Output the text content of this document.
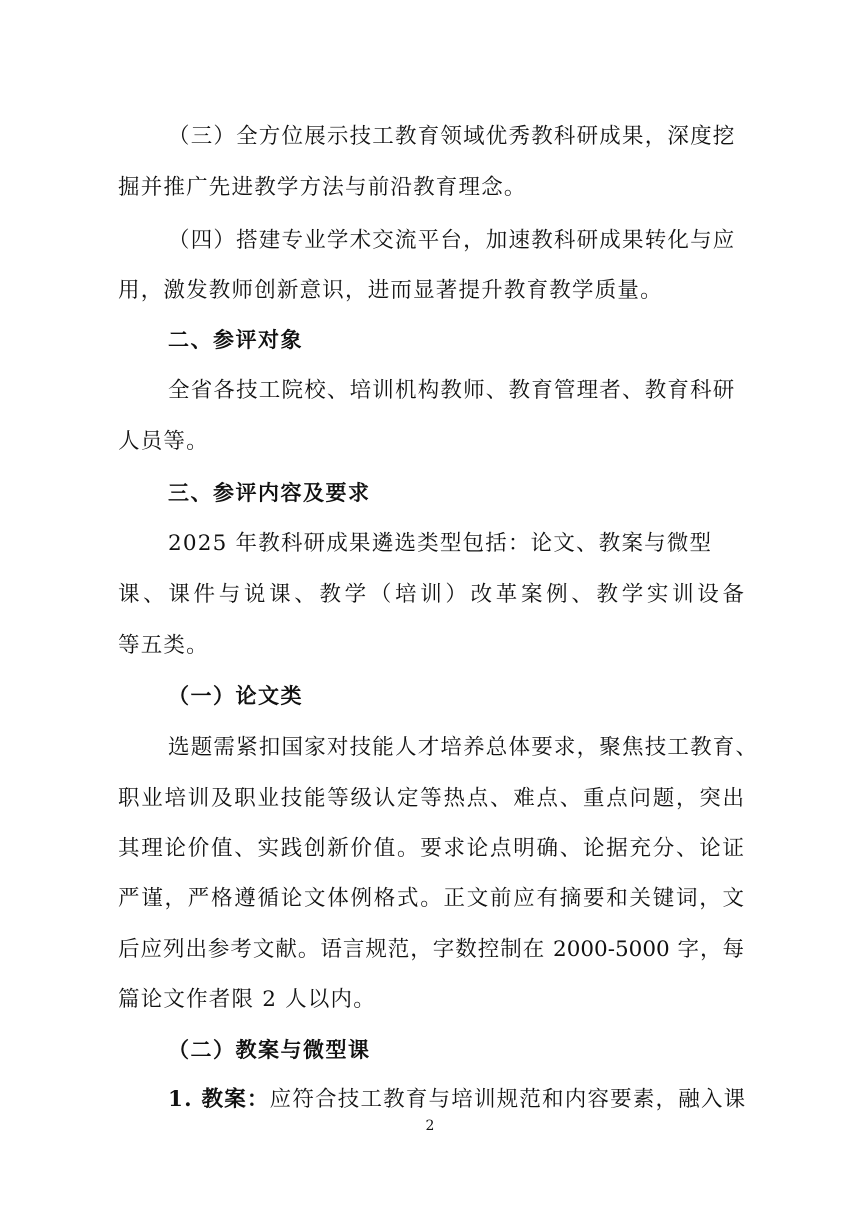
（三）全方位展示技工教育领域优秀教科研成果，深度挖
掘并推广先进教学方法与前沿教育理念。
（四）搭建专业学术交流平台，加速教科研成果转化与应
用，激发教师创新意识，进而显著提升教育教学质量。
二、参评对象
全省各技工院校、培训机构教师、教育管理者、教育科研
人员等。
三、参评内容及要求
2025 年教科研成果遴选类型包括：论文、教案与微型
课、课件与说课、教学（培训）改革案例、教学实训设备
等五类。
（一）论文类
选题需紧扣国家对技能人才培养总体要求，聚焦技工教育、
职业培训及职业技能等级认定等热点、难点、重点问题，突出
其理论价值、实践创新价值。要求论点明确、论据充分、论证
严谨，严格遵循论文体例格式。正文前应有摘要和关键词，文
后应列出参考文献。语言规范，字数控制在 2000-5000 字，每
篇论文作者限 2 人以内。
（二）教案与微型课
1. 教案：应符合技工教育与培训规范和内容要素，融入课
2
